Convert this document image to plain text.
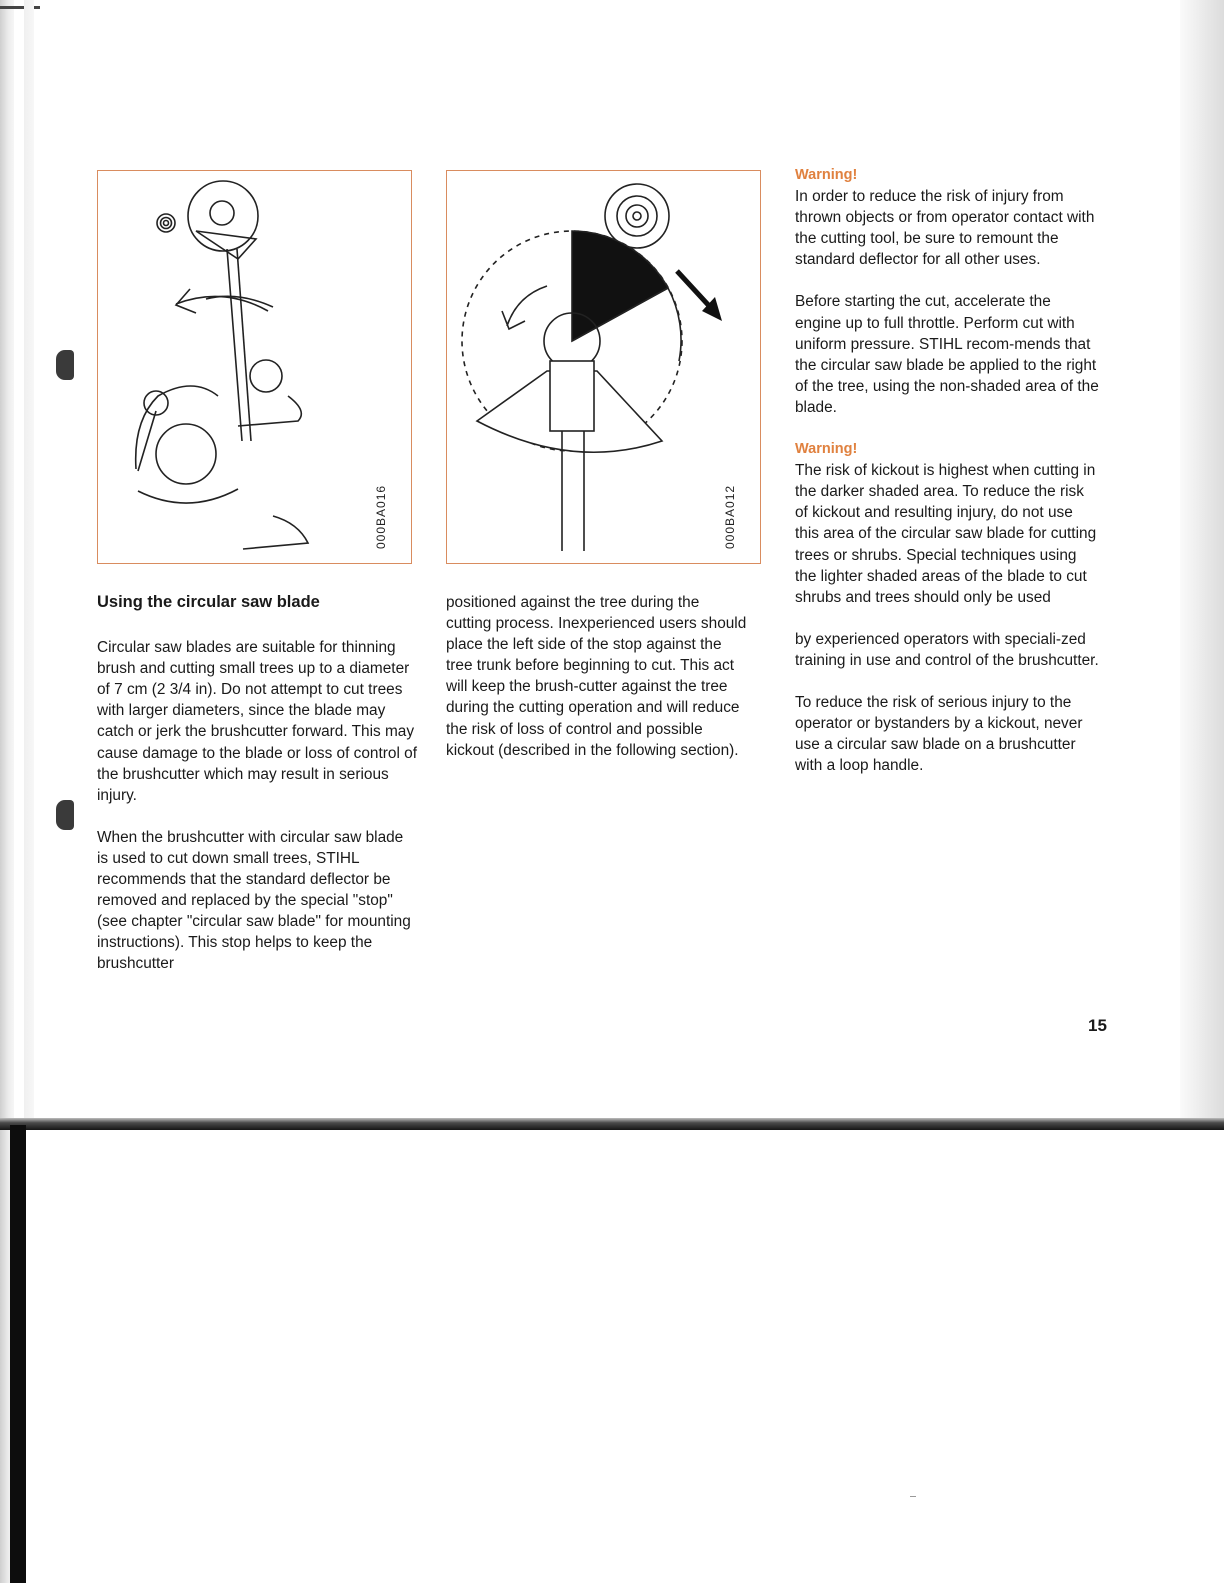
000BA016	000BA012

Using the circular saw blade

Circular saw blades are suitable for thinning brush and cutting small trees up to a diameter of 7 cm (2 3/4 in). Do not attempt to cut trees with larger diameters, since the blade may catch or jerk the brushcutter forward. This may cause damage to the blade or loss of control of the brushcutter which may result in serious injury.

When the brushcutter with circular saw blade is used to cut down small trees, STIHL recommends that the standard deflector be removed and replaced by the special "stop" (see chapter "circular saw blade" for mounting instructions). This stop helps to keep the brushcutter

positioned against the tree during the cutting process. Inexperienced users should place the left side of the stop against the tree trunk before beginning to cut. This act will keep the brush-cutter against the tree during the cutting operation and will reduce the risk of loss of control and possible kickout (described in the following section).

Warning!

In order to reduce the risk of injury from thrown objects or from operator contact with the cutting tool, be sure to remount the standard deflector for all other uses.

Before starting the cut, accelerate the engine up to full throttle. Perform cut with uniform pressure. STIHL recom-mends that the circular saw blade be applied to the right of the tree, using the non-shaded area of the blade.

Warning!

The risk of kickout is highest when cutting in the darker shaded area. To reduce the risk of kickout and resulting injury, do not use this area of the circular saw blade for cutting trees or shrubs. Special techniques using the lighter shaded areas of the blade to cut shrubs and trees should only be used

by experienced operators with speciali-zed training in use and control of the brushcutter.

To reduce the risk of serious injury to the operator or bystanders by a kickout, never use a circular saw blade on a brushcutter with a loop handle.

15
